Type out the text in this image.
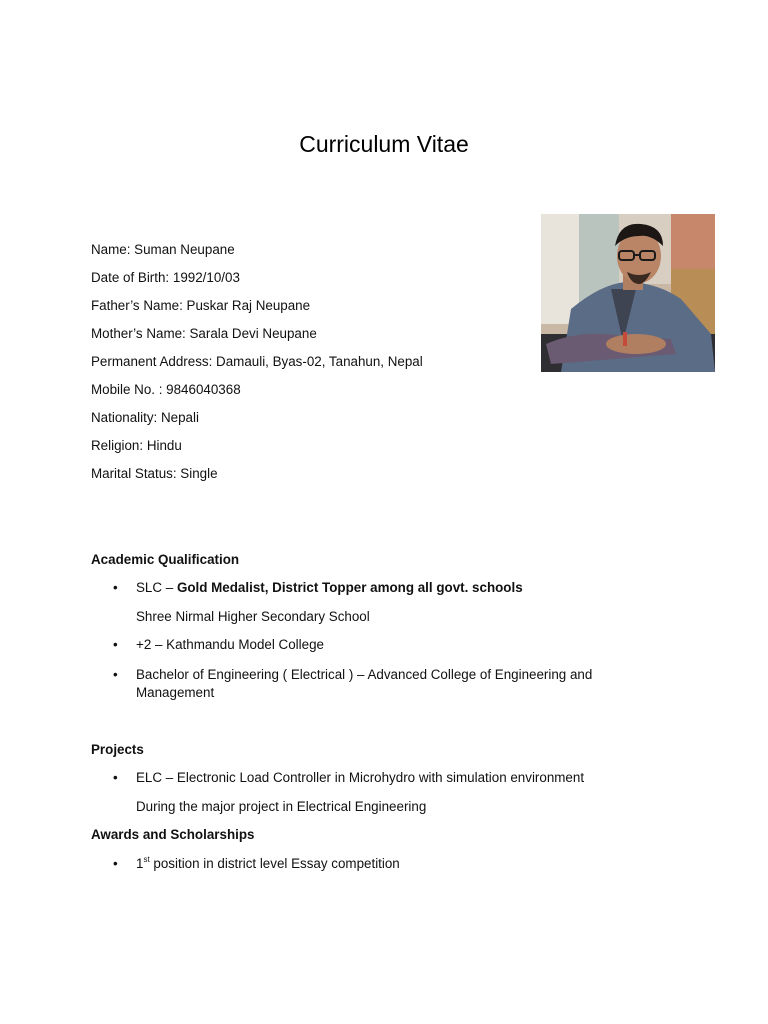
Curriculum Vitae
Name: Suman Neupane
Date of Birth: 1992/10/03
Father’s Name: Puskar Raj Neupane
Mother’s Name: Sarala Devi Neupane
Permanent Address: Damauli, Byas-02, Tanahun, Nepal
Mobile No. : 9846040368
Nationality: Nepali
Religion: Hindu
Marital Status: Single
Academic Qualification
• SLC – Gold Medalist, District Topper among all govt. schools
Shree Nirmal Higher Secondary School
• +2 – Kathmandu Model College
• Bachelor of Engineering ( Electrical ) – Advanced College of Engineering and Management
Projects
• ELC – Electronic Load Controller in Microhydro with simulation environment
During the major project in Electrical Engineering
Awards and Scholarships
• 1st position in district level Essay competition
